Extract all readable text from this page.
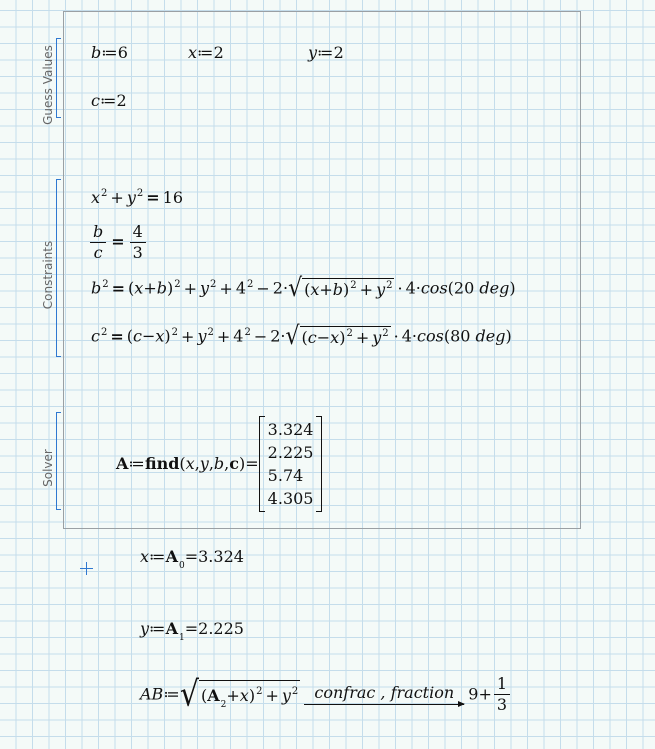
Guess Values
Constraints
Solver
b≔6	x≔2	y≔2
c≔2
$x^2 + y^2 = 16$
$\frac{b}{c} = \frac{4}{3}$
$b^2 = (x+b)^2 + y^2 + 4^2 - 2\cdot$ √ $(x+b)^2 + y^2 \cdot 4\cdot\cos(20$ deg)
$c^2 = (c-x)^2 + y^2 + 4^2 - 2\cdot$ √ $(c-x)^2 + y^2 \cdot 4\cdot\cos(80$ deg)
A≔find(x,y,b,c)=
3.324
2.225
5.74
4.305
$x≔A_0=3.324$
$y≔A_1=2.225$
AB≔ √ $(A_2+x)^2 + y^2$ confrac , fraction $9+ \frac{1}{3}$
